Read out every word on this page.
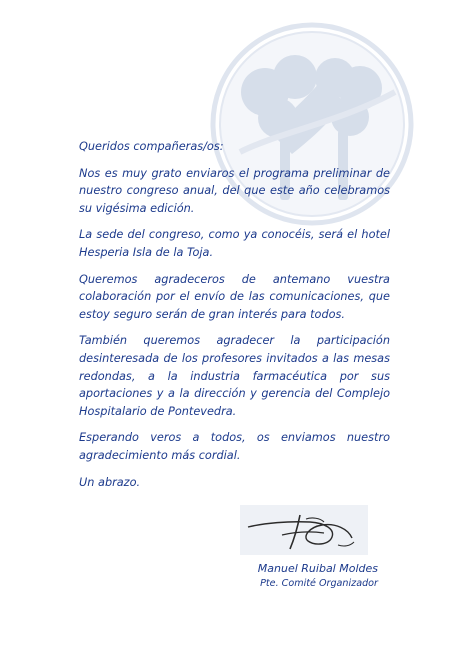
Queridos compañeras/os:

Nos es muy grato enviaros el programa preliminar de nuestro congreso anual, del que este año celebramos su vigésima edición.

La sede del congreso, como ya conocéis, será el hotel Hesperia Isla de la Toja.

Queremos agradeceros de antemano vuestra colaboración por el envío de las comunicaciones, que estoy seguro serán de gran interés para todos.

También queremos agradecer la participación desinteresada de los profesores invitados a las mesas redondas, a la industria farmacéutica por sus aportaciones y a la dirección y gerencia del Complejo Hospitalario de Pontevedra.

Esperando veros a todos, os enviamos nuestro agradecimiento más cordial.

Un abrazo.

Manuel Ruibal Moldes
Pte. Comité Organizador
